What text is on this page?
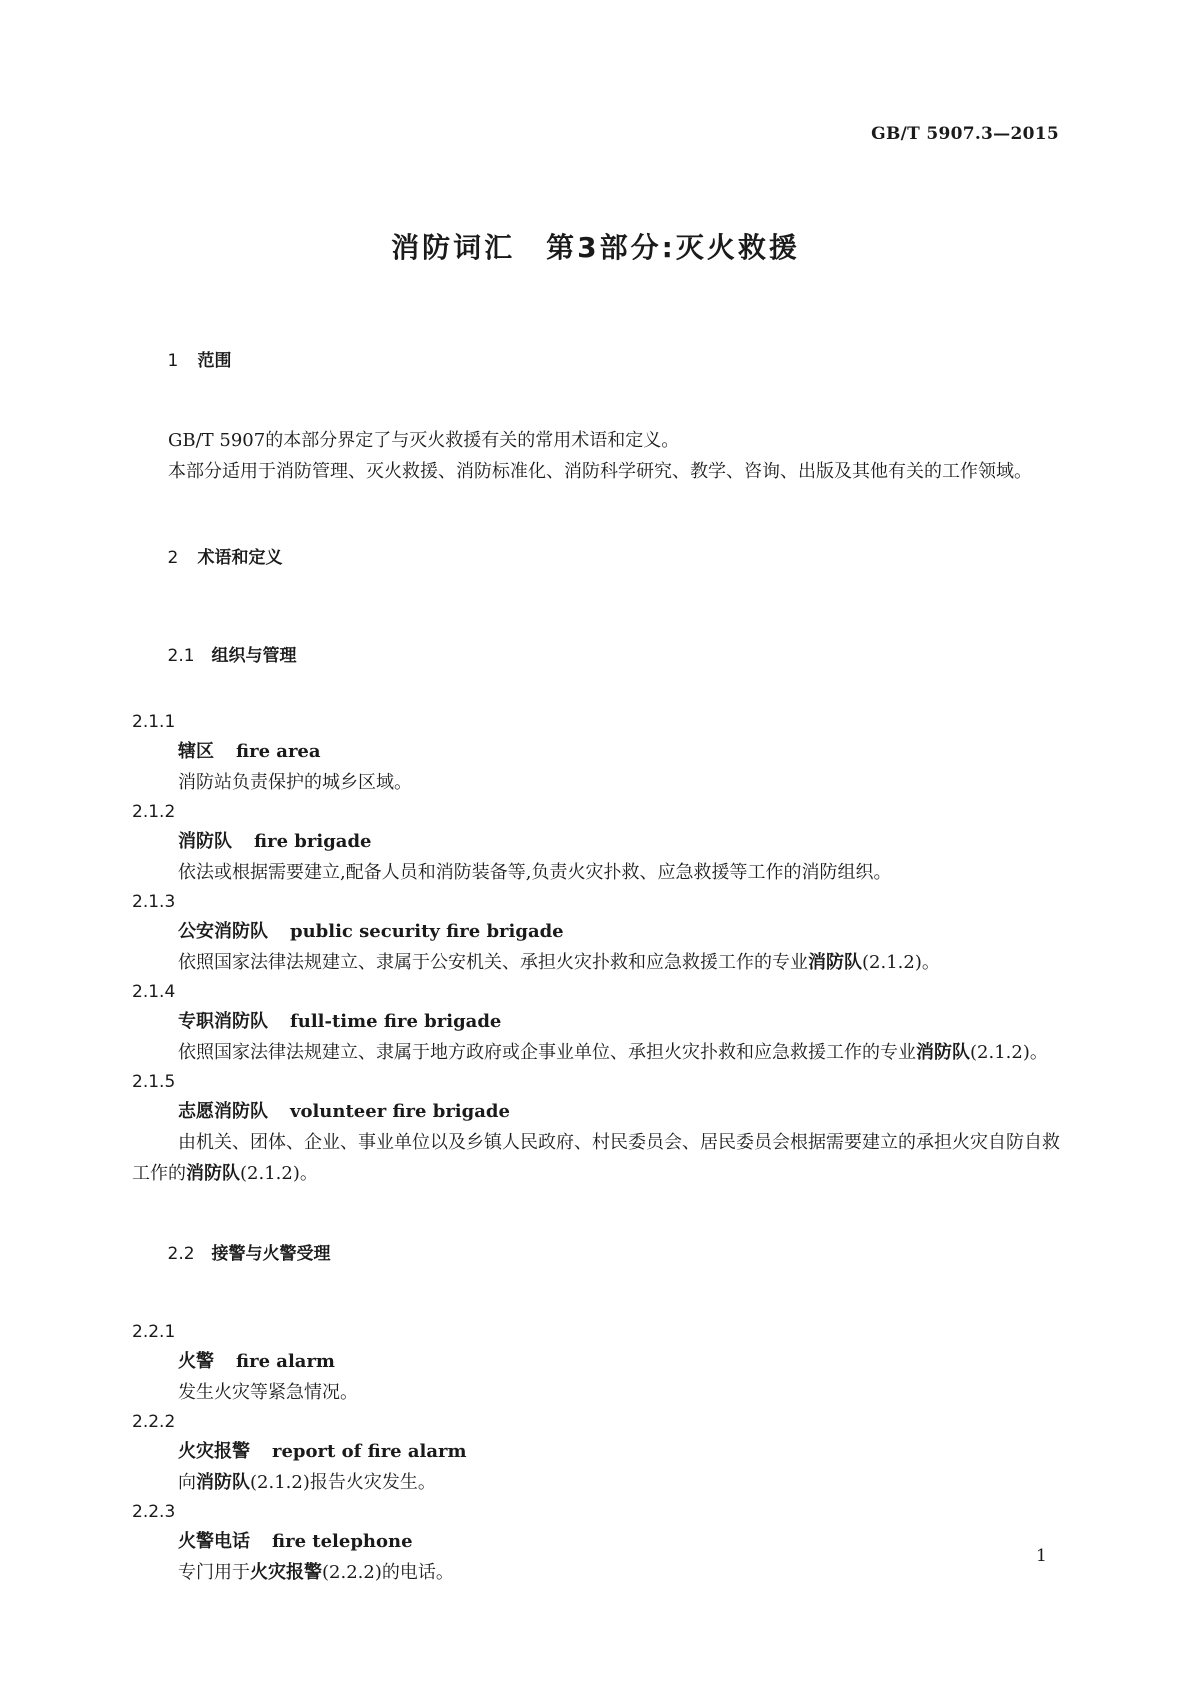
GB/T 5907.3—2015
消防词汇　第3部分:灭火救援

1 范围

GB/T 5907的本部分界定了与灭火救援有关的常用术语和定义。

本部分适用于消防管理、灭火救援、消防标准化、消防科学研究、教学、咨询、出版及其他有关的工作领域。

2 术语和定义

2.1 组织与管理

2.1.1

辖区 fire area

消防站负责保护的城乡区域。

2.1.2

消防队 fire brigade

依法或根据需要建立,配备人员和消防装备等,负责火灾扑救、应急救援等工作的消防组织。

2.1.3

公安消防队 public security fire brigade

依照国家法律法规建立、隶属于公安机关、承担火灾扑救和应急救援工作的专业消防队(2.1.2)。

2.1.4

专职消防队 full-time fire brigade

依照国家法律法规建立、隶属于地方政府或企事业单位、承担火灾扑救和应急救援工作的专业消防队(2.1.2)。

2.1.5

志愿消防队 volunteer fire brigade

由机关、团体、企业、事业单位以及乡镇人民政府、村民委员会、居民委员会根据需要建立的承担火灾自防自救工作的消防队(2.1.2)。

2.2 接警与火警受理

2.2.1

火警 fire alarm

发生火灾等紧急情况。

2.2.2

火灾报警 report of fire alarm

向消防队(2.1.2)报告火灾发生。

2.2.3

火警电话 fire telephone

专门用于火灾报警(2.2.2)的电话。

1
